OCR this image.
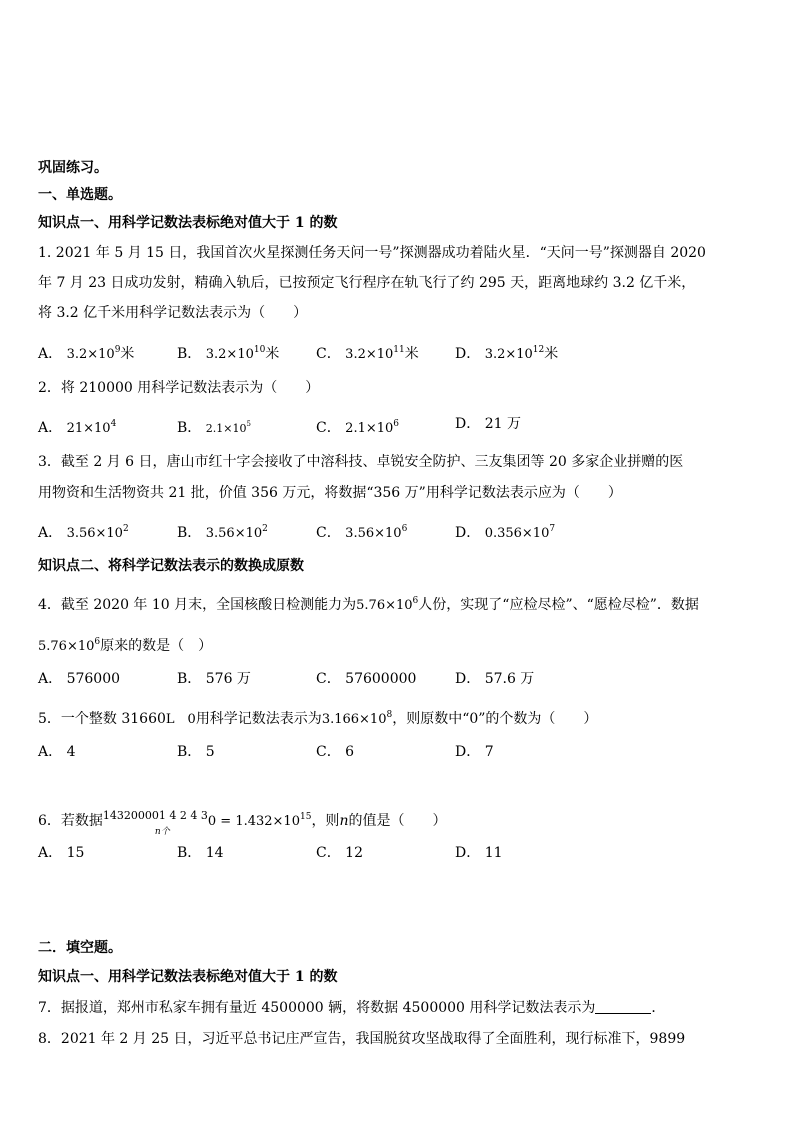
巩固练习。
一、单选题。
知识点一、用科学记数法表标绝对值大于 1 的数
1. 2021 年 5 月 15 日，我国首次火星探测任务天问一号”探测器成功着陆火星．“天问一号”探测器自 2020
年 7 月 23 日成功发射，精确入轨后，已按预定飞行程序在轨飞行了约 295 天，距离地球约 3.2 亿千米，
将 3.2 亿千米用科学记数法表示为（　　）
A． $3.2\times 10^9$米	B． $3.2\times 10^{10}$米	C． $3.2\times 10^{11}$米	D． $3.2\times 10^{12}$米
2．将 210000 用科学记数法表示为（　　）
A． $21\times 10^4$	B． $2.1\times 10^5$	C． $2.1\times 10^6$	D． 21 万
3．截至 2 月 6 日，唐山市红十字会接收了中溶科技、卓锐安全防护、三友集团等 20 多家企业拼赠的医
用物资和生活物资共 21 批，价值 356 万元，将数据“356 万”用科学记数法表示应为（　　）
A． $3.56\times 10^2$	B． $3.56\times 10^2$	C． $3.56\times 10^6$	D． $0.356\times 10^7$
知识点二、将科学记数法表示的数换成原数
4．截至 2020 年 10 月末，全国核酸日检测能力为$5.76\times 10^6$人份，实现了“应检尽检”、“愿检尽检”．数据
$5.76\times 10^6$原来的数是（　）
A． 576000	B． 576 万	C． 57600000	D． 57.6 万
5．一个整数 31660L　0用科学记数法表示为$3.166\times 10^8$，则原数中“0”的个数为（　　）
A． 4	B． 5	C． 6	D． 7
6．若数据$^{143200001 4 2 4 3}0 = 1.432\times 10^{15}$
n个
，则n的值是（　　）
A． 15	B． 14	C． 12	D． 11
二．填空题。
知识点一、用科学记数法表标绝对值大于 1 的数
7．据报道，郑州市私家车拥有量近 4500000 辆，将数据 4500000 用科学记数法表示为	．
8．2021 年 2 月 25 日，习近平总书记庄严宣告，我国脱贫攻坚战取得了全面胜利，现行标准下，9899
